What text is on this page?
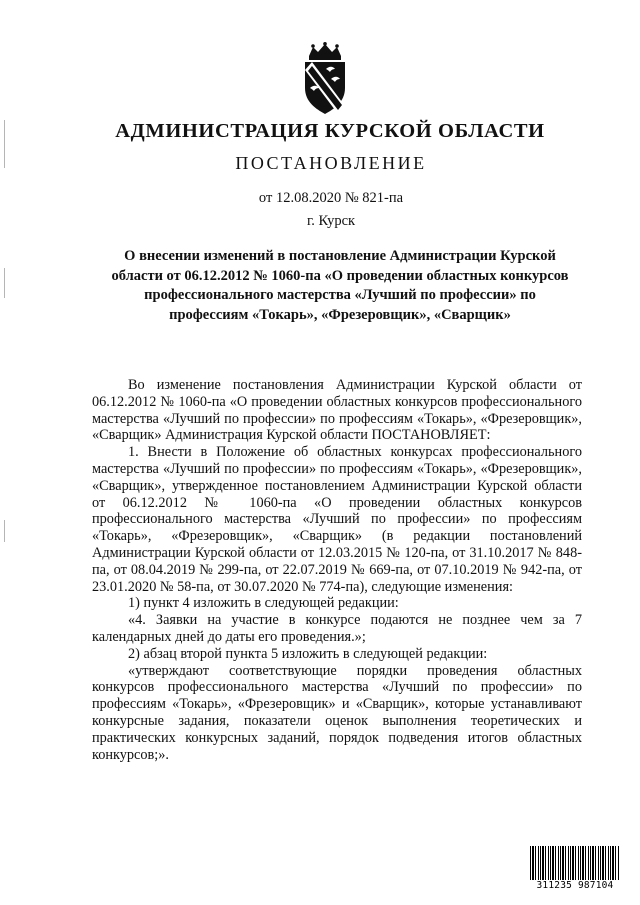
АДМИНИСТРАЦИЯ КУРСКОЙ ОБЛАСТИ
ПОСТАНОВЛЕНИЕ
от 12.08.2020 № 821-па
г. Курск
О внесении изменений в постановление Администрации Курской
области от 06.12.2012 № 1060-па «О проведении областных конкурсов
профессионального мастерства «Лучший по профессии» по
профессиям «Токарь», «Фрезеровщик», «Сварщик»

Во изменение постановления Администрации Курской области от 06.12.2012 № 1060-па «О проведении областных конкурсов профессионального мастерства «Лучший по профессии» по профессиям «Токарь», «Фрезеровщик», «Сварщик» Администрация Курской области ПОСТАНОВЛЯЕТ:

1. Внести в Положение об областных конкурсах профессионального мастерства «Лучший по профессии» по профессиям «Токарь», «Фрезеровщик», «Сварщик», утвержденное постановлением Администрации Курской области от 06.12.2012 № 1060-па «О проведении областных конкурсов профессионального мастерства «Лучший по профессии» по профессиям «Токарь», «Фрезеровщик», «Сварщик» (в редакции постановлений Администрации Курской области от 12.03.2015 № 120-па, от 31.10.2017 № 848-па, от 08.04.2019 № 299-па, от 22.07.2019 № 669-па, от 07.10.2019 № 942-па, от 23.01.2020 № 58-па, от 30.07.2020 № 774-па), следующие изменения:

1) пункт 4 изложить в следующей редакции:

«4. Заявки на участие в конкурсе подаются не позднее чем за 7 календарных дней до даты его проведения.»;

2) абзац второй пункта 5 изложить в следующей редакции:

«утверждают соответствующие порядки проведения областных конкурсов профессионального мастерства «Лучший по профессии» по профессиям «Токарь», «Фрезеровщик» и «Сварщик», которые устанавливают конкурсные задания, показатели оценок выполнения теоретических и практических конкурсных заданий, порядок подведения итогов областных конкурсов;».

311235 987104
